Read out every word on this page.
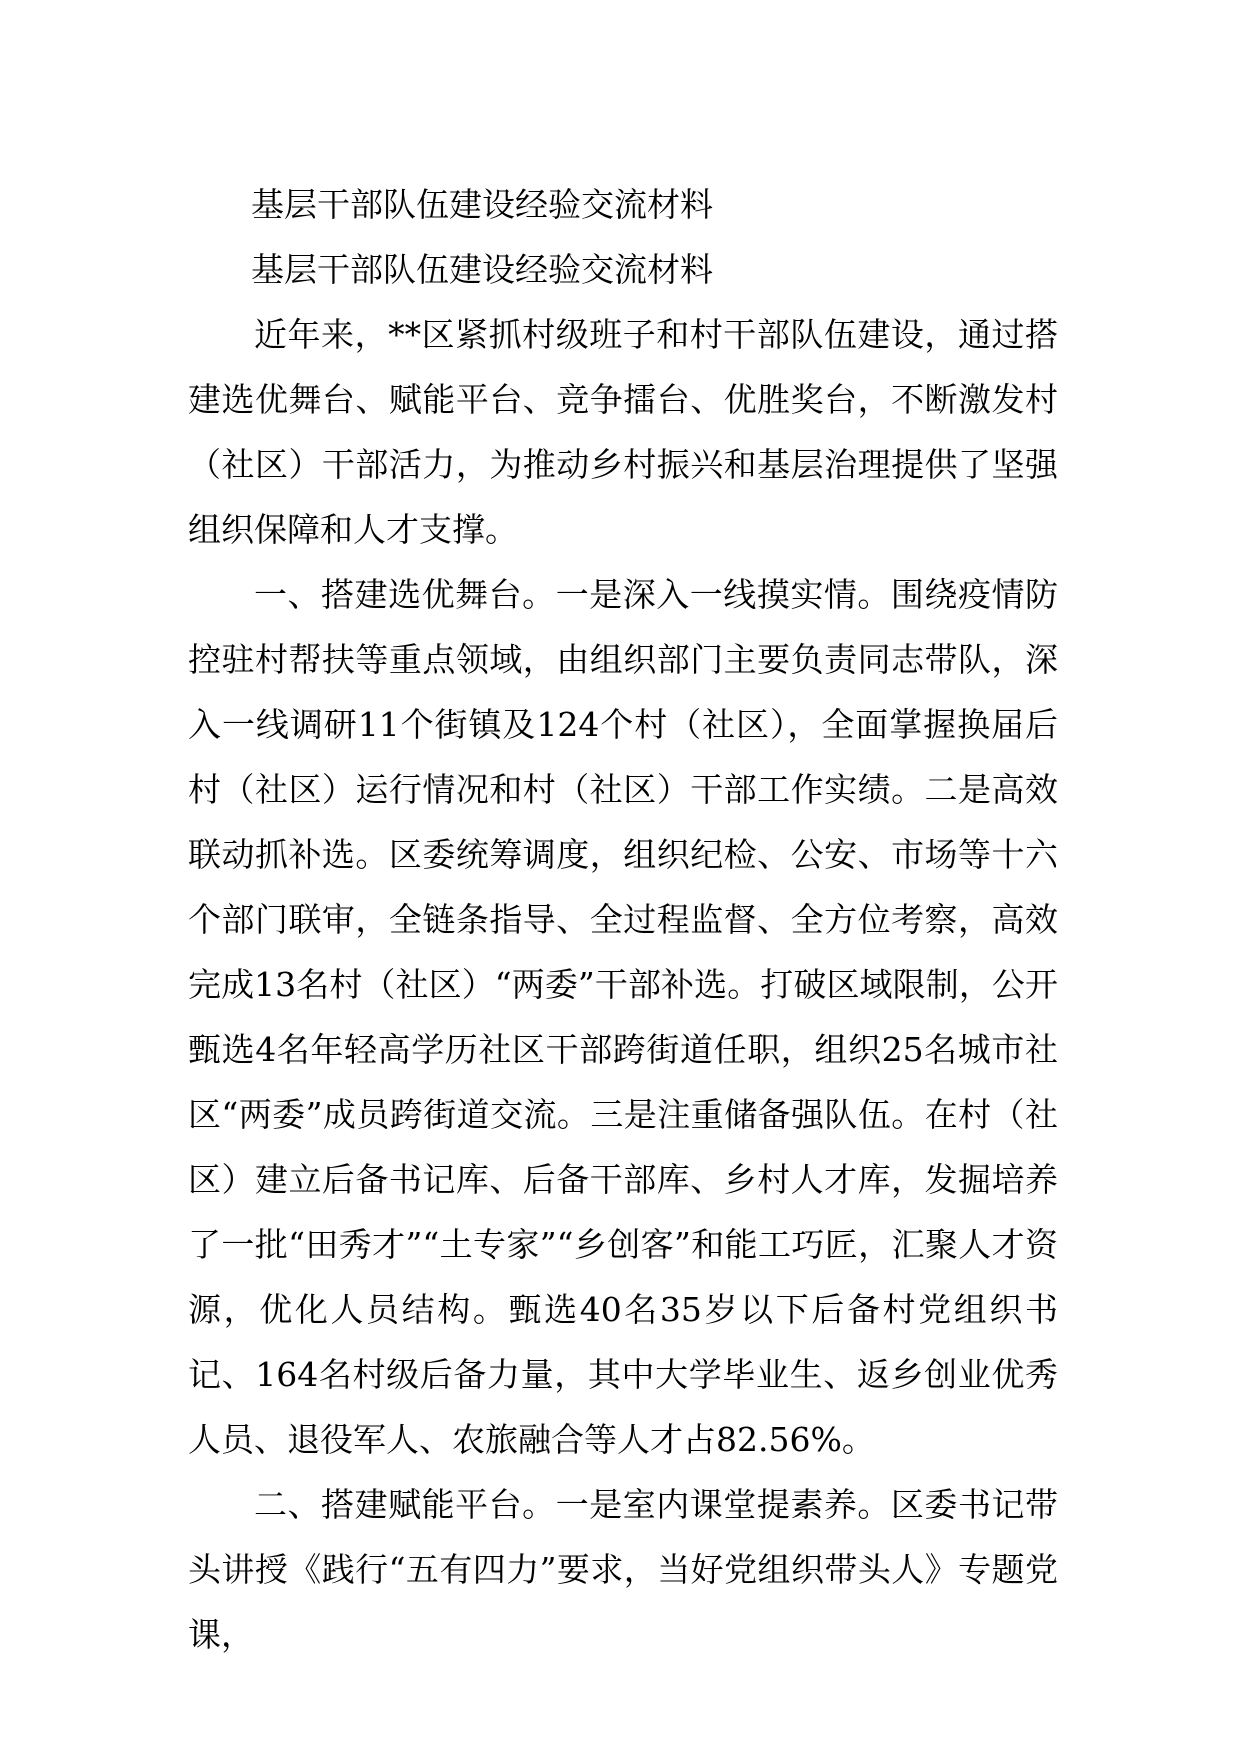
基层干部队伍建设经验交流材料

基层干部队伍建设经验交流材料

近年来，**区紧抓村级班子和村干部队伍建设，通过搭建选优舞台、赋能平台、竞争擂台、优胜奖台，不断激发村（社区）干部活力，为推动乡村振兴和基层治理提供了坚强组织保障和人才支撑。

一、搭建选优舞台。一是深入一线摸实情。围绕疫情防控驻村帮扶等重点领域，由组织部门主要负责同志带队，深入一线调研11个街镇及124个村（社区），全面掌握换届后村（社区）运行情况和村（社区）干部工作实绩。二是高效联动抓补选。区委统筹调度，组织纪检、公安、市场等十六个部门联审，全链条指导、全过程监督、全方位考察，高效完成13名村（社区）“两委”干部补选。打破区域限制，公开甄选4名年轻高学历社区干部跨街道任职，组织25名城市社区“两委”成员跨街道交流。三是注重储备强队伍。在村（社区）建立后备书记库、后备干部库、乡村人才库，发掘培养了一批“田秀才”“土专家”“乡创客”和能工巧匠，汇聚人才资源，优化人员结构。甄选40名35岁以下后备村党组织书记、164名村级后备力量，其中大学毕业生、返乡创业优秀人员、退役军人、农旅融合等人才占82.56%。

二、搭建赋能平台。一是室内课堂提素养。区委书记带头讲授《践行“五有四力”要求，当好党组织带头人》专题党课，
